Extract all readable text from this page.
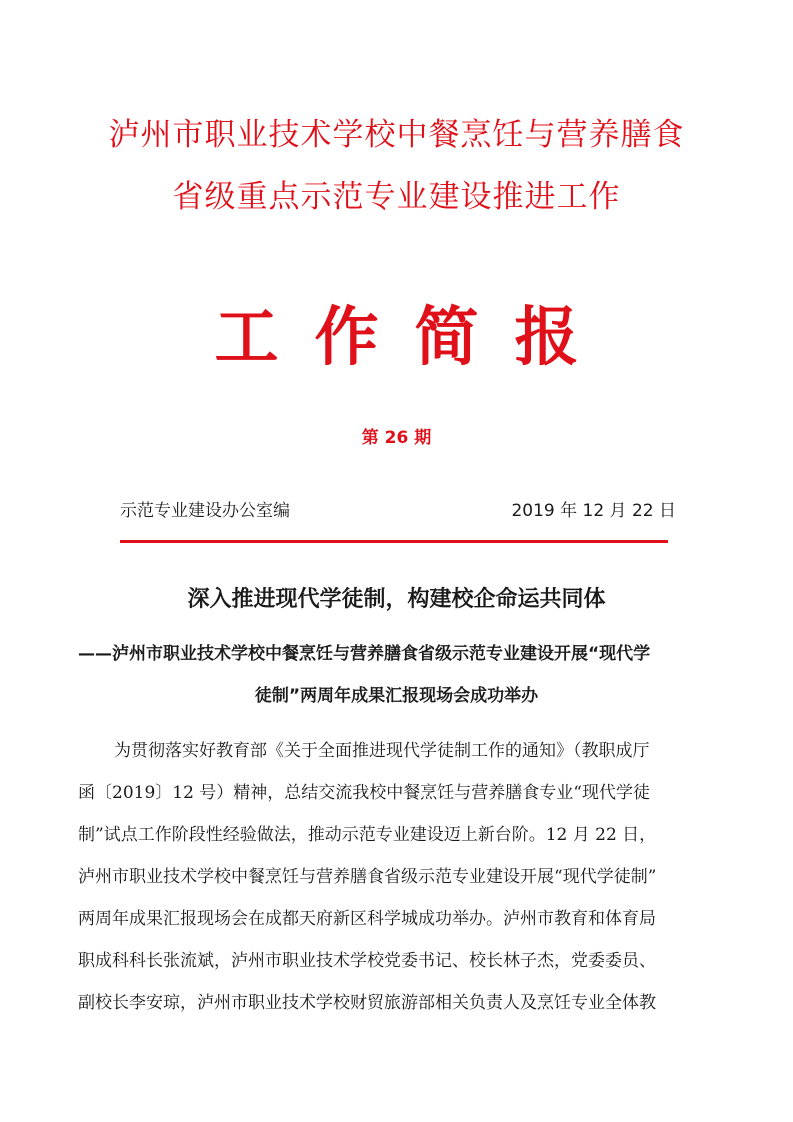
泸州市职业技术学校中餐烹饪与营养膳食
省级重点示范专业建设推进工作
工作简报
第 26 期
示范专业建设办公室编	2019 年 12 月 22 日
深入推进现代学徒制，构建校企命运共同体
——泸州市职业技术学校中餐烹饪与营养膳食省级示范专业建设开展“现代学
徒制”两周年成果汇报现场会成功举办
为贯彻落实好教育部《关于全面推进现代学徒制工作的通知》（教职成厅
函〔2019〕12 号）精神，总结交流我校中餐烹饪与营养膳食专业“现代学徒
制”试点工作阶段性经验做法，推动示范专业建设迈上新台阶。12 月 22 日，
泸州市职业技术学校中餐烹饪与营养膳食省级示范专业建设开展“现代学徒制”
两周年成果汇报现场会在成都天府新区科学城成功举办。泸州市教育和体育局
职成科科长张流斌，泸州市职业技术学校党委书记、校长林子杰，党委委员、
副校长李安琼，泸州市职业技术学校财贸旅游部相关负责人及烹饪专业全体教
